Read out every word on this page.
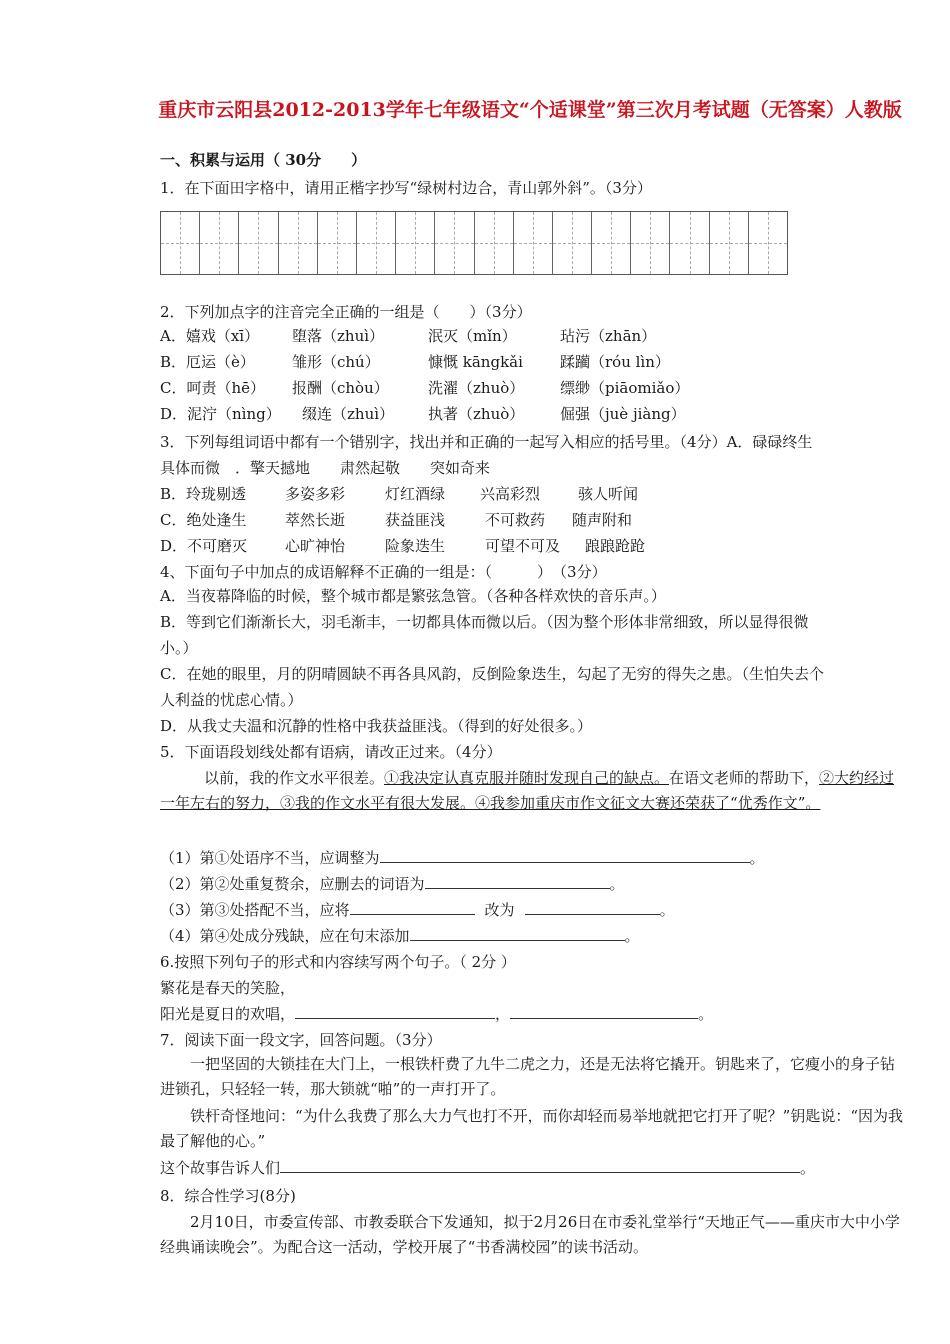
重庆市云阳县2012-2013学年七年级语文“个适课堂”第三次月考试题（无答案）人教版
一、积累与运用（ 30分　　）
1．在下面田字格中，请用正楷字抄写“绿树村边合，青山郭外斜”。（3分）
2．下列加点字的注音完全正确的一组是（　　）（3分）
A．嬉戏（xī） 堕落（zhuì）	泯灭（mǐn）	玷污（zhān）
B．厄运（è） 雏形（chú）	慷慨 kāngkǎi 蹂躏（róu lìn）
C．呵责（hē） 报酬（chòu）	洗濯（zhuò） 缥缈（piāomiǎo）
D．泥泞（nìng） 缀连（zhuì） 执著（zhuò） 倔强（juè jiàng）
3．下列每组词语中都有一个错别字，找出并和正确的一起写入相应的括号里。（4分）A．碌碌终生
具体而微　．擎天撼地　　肃然起敬　　突如奇来
B．玲珑剔透	多姿多彩	灯红酒绿 兴高彩烈	骇人听闻
C．绝处逢生	萃然长逝	获益匪浅	不可救药 随声附和
D．不可磨灭	心旷神怡	险象迭生	可望不可及 踉踉跄跄
4、下面句子中加点的成语解释不正确的一组是：（　　　）　（3分）
A．当夜幕降临的时候，整个城市都是繁弦急管。（各种各样欢快的音乐声。）
B．等到它们渐渐长大，羽毛渐丰，一切都具体而微以后。（因为整个形体非常细致，所以显得很微
小。）
C．在她的眼里，月的阴晴圆缺不再各具风韵，反倒险象迭生，勾起了无穷的得失之患。（生怕失去个
人利益的忧虑心情。）
D．从我丈夫温和沉静的性格中我获益匪浅。（得到的好处很多。）
5．下面语段划线处都有语病，请改正过来。（4分）

以前，我的作文水平很差。①我决定认真克服并随时发现自己的缺点。在语文老师的帮助下，②大约经过一年左右的努力，③我的作文水平有很大发展。④我参加重庆市作文征文大赛还荣获了“优秀作文”。

（1）第①处语序不当，应调整为	。
（2）第②处重复赘余，应删去的词语为	。
（3）第③处搭配不当，应将	改为	。
（4）第④处成分残缺，应在句末添加	。
6.按照下列句子的形式和内容续写两个句子。（ 2分 ）
繁花是春天的笑脸，
阳光是夏日的欢唱，	，	。
7．阅读下面一段文字，回答问题。（3分）

一把坚固的大锁挂在大门上，一根铁杆费了九牛二虎之力，还是无法将它撬开。钥匙来了，它瘦小的身子钻进锁孔，只轻轻一转，那大锁就“啪”的一声打开了。

铁杆奇怪地问：“为什么我费了那么大力气也打不开，而你却轻而易举地就把它打开了呢？”钥匙说：“因为我最了解他的心。”

这个故事告诉人们	。
8．综合性学习(8分)

2月10日，市委宣传部、市教委联合下发通知，拟于2月26日在市委礼堂举行“天地正气——重庆市大中小学经典诵读晚会”。为配合这一活动，学校开展了“书香满校园”的读书活动。
